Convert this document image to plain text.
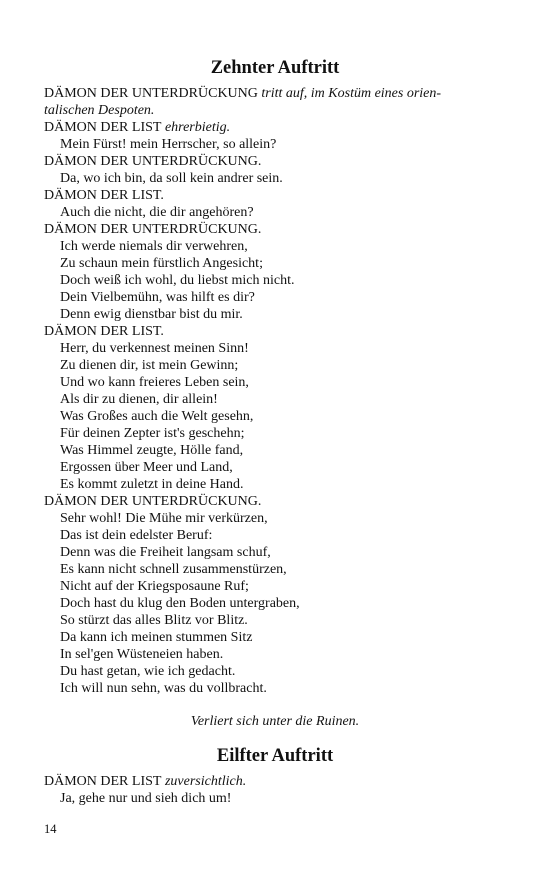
Zehnter Auftritt
DÄMON DER UNTERDRÜCKUNG tritt auf, im Kostüm eines orien-
talischen Despoten.
DÄMON DER LIST ehrerbietig.
Mein Fürst! mein Herrscher, so allein?
DÄMON DER UNTERDRÜCKUNG.
Da, wo ich bin, da soll kein andrer sein.
DÄMON DER LIST.
Auch die nicht, die dir angehören?
DÄMON DER UNTERDRÜCKUNG.
Ich werde niemals dir verwehren,
Zu schaun mein fürstlich Angesicht;
Doch weiß ich wohl, du liebst mich nicht.
Dein Vielbemühn, was hilft es dir?
Denn ewig dienstbar bist du mir.
DÄMON DER LIST.
Herr, du verkennest meinen Sinn!
Zu dienen dir, ist mein Gewinn;
Und wo kann freieres Leben sein,
Als dir zu dienen, dir allein!
Was Großes auch die Welt gesehn,
Für deinen Zepter ist's geschehn;
Was Himmel zeugte, Hölle fand,
Ergossen über Meer und Land,
Es kommt zuletzt in deine Hand.
DÄMON DER UNTERDRÜCKUNG.
Sehr wohl! Die Mühe mir verkürzen,
Das ist dein edelster Beruf:
Denn was die Freiheit langsam schuf,
Es kann nicht schnell zusammenstürzen,
Nicht auf der Kriegsposaune Ruf;
Doch hast du klug den Boden untergraben,
So stürzt das alles Blitz vor Blitz.
Da kann ich meinen stummen Sitz
In sel'gen Wüsteneien haben.
Du hast getan, wie ich gedacht.
Ich will nun sehn, was du vollbracht.
Verliert sich unter die Ruinen.
Eilfter Auftritt
DÄMON DER LIST zuversichtlich.
Ja, gehe nur und sieh dich um!
14
